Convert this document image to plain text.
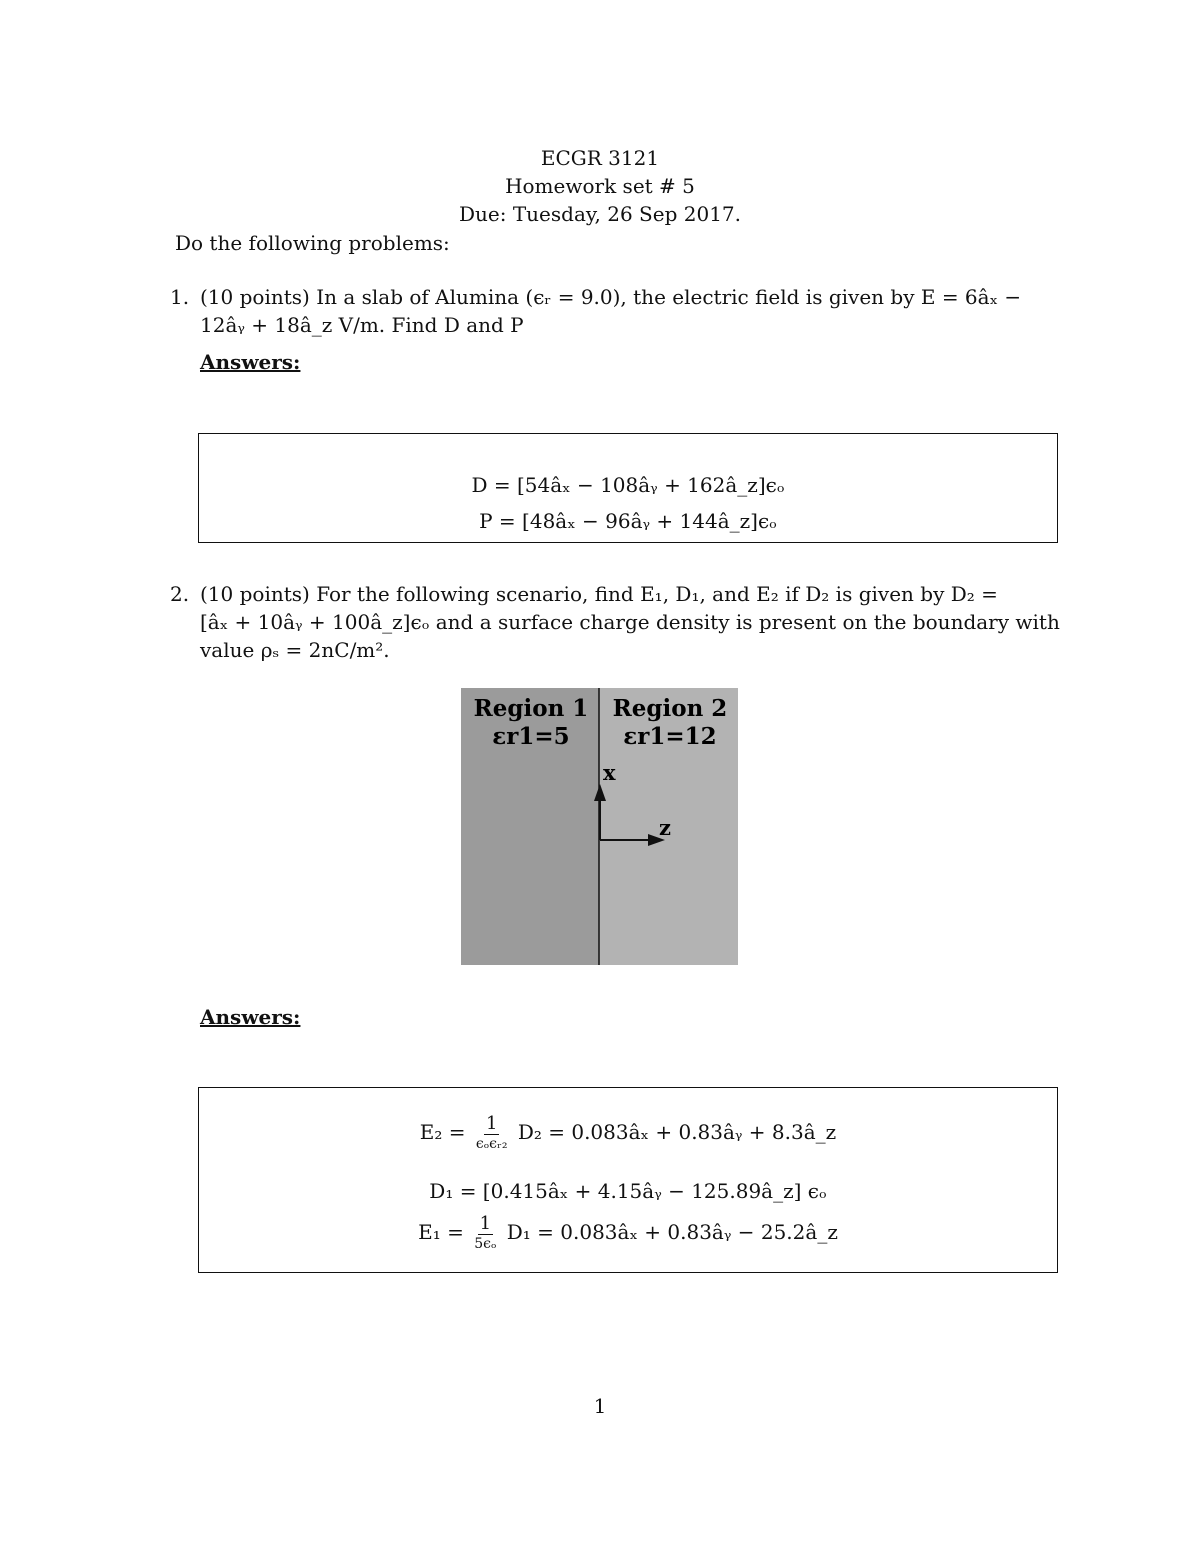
ECGR 3121
Homework set # 5
Due: Tuesday, 26 Sep 2017.
Do the following problems:
1. (10 points) In a slab of Alumina (ϵᵣ = 9.0), the electric field is given by E = 6âₓ −
12âᵧ + 18â_z V/m. Find D and P
Answers:
D = [54âₓ − 108âᵧ + 162â_z]ϵₒ
P = [48âₓ − 96âᵧ + 144â_z]ϵₒ
2. (10 points) For the following scenario, find E₁, D₁, and E₂ if D₂ is given by D₂ =
[âₓ + 10âᵧ + 100â_z]ϵₒ and a surface charge density is present on the boundary with
value ρₛ = 2nC/m².
Region 1
εr1=5
Region 2
εr1=12
x
z
Answers:
$E_2 = \frac{1}{\text{ϵₒϵᵣ₂}} D_2$ = 0.083âₓ + 0.83âᵧ + 8.3â_z
D₁ = [0.415âₓ + 4.15âᵧ − 125.89â_z] ϵₒ
$E_1 = \frac{1}{\text{5ϵₒ}} D_1$ = 0.083âₓ + 0.83âᵧ − 25.2â_z
1
